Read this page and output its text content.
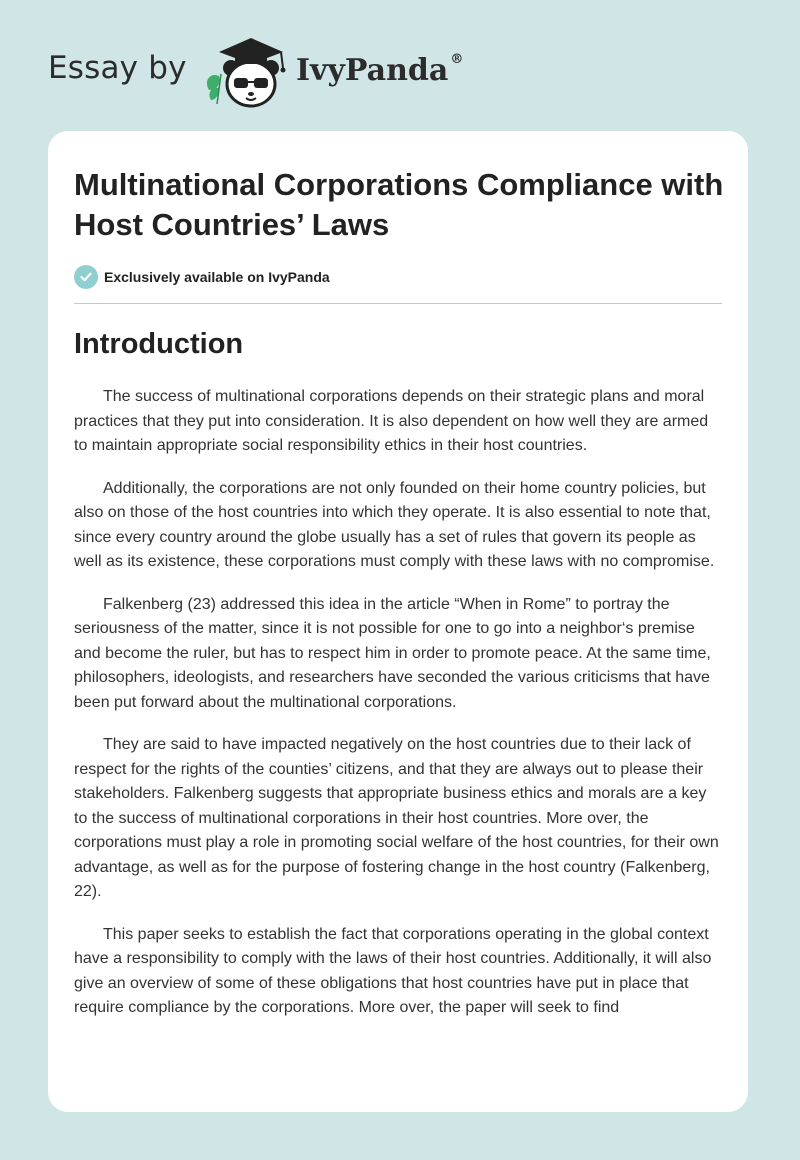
Essay by	IvyPanda ®
Multinational Corporations Compliance with Host Countries’ Laws
Exclusively available on IvyPanda
Introduction

The success of multinational corporations depends on their strategic plans and moral practices that they put into consideration. It is also dependent on how well they are armed to maintain appropriate social responsibility ethics in their host countries.

Additionally, the corporations are not only founded on their home country policies, but also on those of the host countries into which they operate. It is also essential to note that, since every country around the globe usually has a set of rules that govern its people as well as its existence, these corporations must comply with these laws with no compromise.

Falkenberg (23) addressed this idea in the article “When in Rome” to portray the seriousness of the matter, since it is not possible for one to go into a neighbor‘s premise and become the ruler, but has to respect him in order to promote peace. At the same time, philosophers, ideologists, and researchers have seconded the various criticisms that have been put forward about the multinational corporations.

They are said to have impacted negatively on the host countries due to their lack of respect for the rights of the counties’ citizens, and that they are always out to please their stakeholders. Falkenberg suggests that appropriate business ethics and morals are a key to the success of multinational corporations in their host countries. More over, the corporations must play a role in promoting social welfare of the host countries, for their own advantage, as well as for the purpose of fostering change in the host country (Falkenberg, 22).

This paper seeks to establish the fact that corporations operating in the global context have a responsibility to comply with the laws of their host countries. Additionally, it will also give an overview of some of these obligations that host countries have put in place that require compliance by the corporations. More over, the paper will seek to find
